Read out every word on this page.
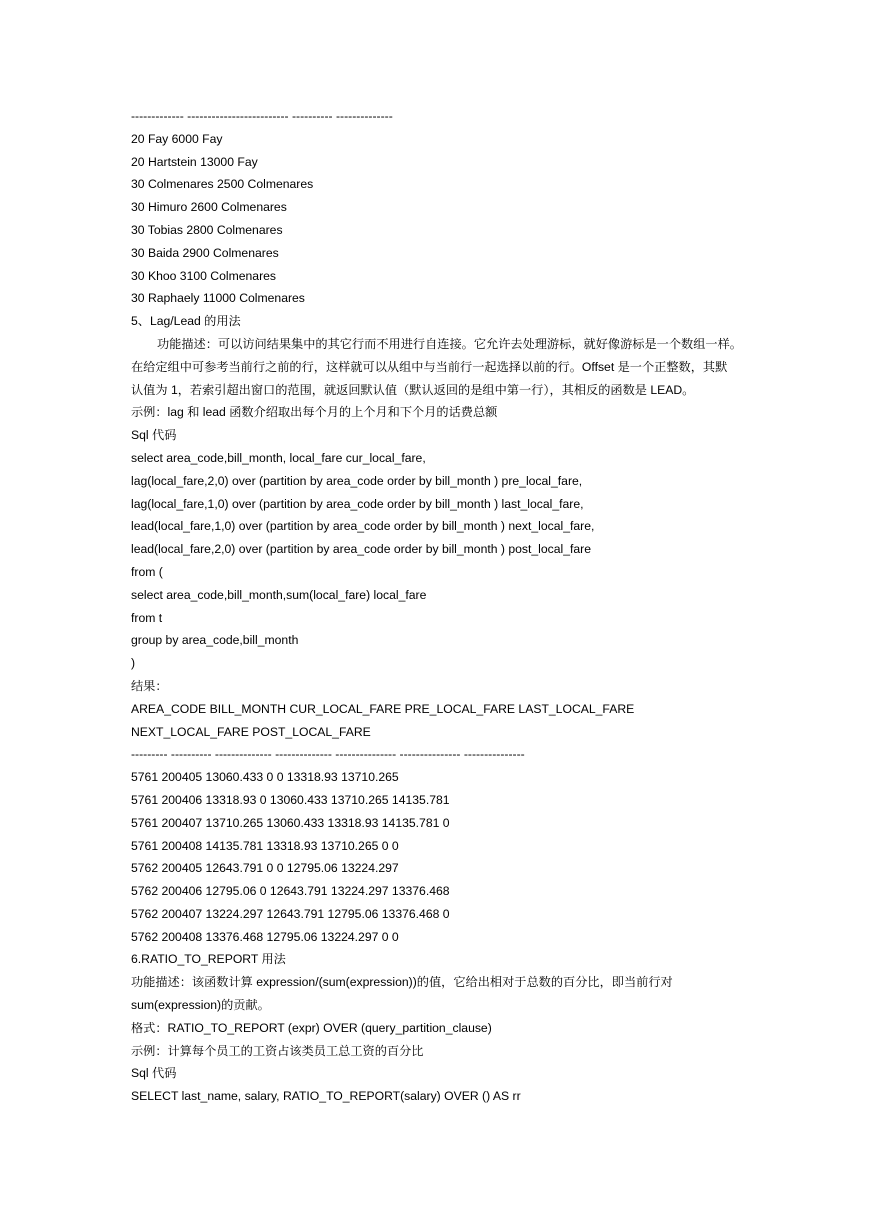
------------- ------------------------- ---------- --------------
20 Fay 6000 Fay
20 Hartstein 13000 Fay
30 Colmenares 2500 Colmenares
30 Himuro 2600 Colmenares
30 Tobias 2800 Colmenares
30 Baida 2900 Colmenares
30 Khoo 3100 Colmenares
30 Raphaely 11000 Colmenares
5、Lag/Lead 的用法
功能描述：可以访问结果集中的其它行而不用进行自连接。它允许去处理游标，就好像游标是一个数组一样。
在给定组中可参考当前行之前的行，这样就可以从组中与当前行一起选择以前的行。Offset 是一个正整数，其默
认值为 1，若索引超出窗口的范围，就返回默认值（默认返回的是组中第一行），其相反的函数是 LEAD。
示例：lag 和 lead 函数介绍取出每个月的上个月和下个月的话费总额
Sql 代码
select area_code,bill_month, local_fare cur_local_fare,
lag(local_fare,2,0) over (partition by area_code order by bill_month ) pre_local_fare,
lag(local_fare,1,0) over (partition by area_code order by bill_month ) last_local_fare,
lead(local_fare,1,0) over (partition by area_code order by bill_month ) next_local_fare,
lead(local_fare,2,0) over (partition by area_code order by bill_month ) post_local_fare
from (
select area_code,bill_month,sum(local_fare) local_fare
from t
group by area_code,bill_month
)
结果：
AREA_CODE BILL_MONTH CUR_LOCAL_FARE PRE_LOCAL_FARE LAST_LOCAL_FARE
NEXT_LOCAL_FARE POST_LOCAL_FARE
--------- ---------- -------------- -------------- --------------- --------------- ---------------
5761 200405 13060.433 0 0 13318.93 13710.265
5761 200406 13318.93 0 13060.433 13710.265 14135.781
5761 200407 13710.265 13060.433 13318.93 14135.781 0
5761 200408 14135.781 13318.93 13710.265 0 0
5762 200405 12643.791 0 0 12795.06 13224.297
5762 200406 12795.06 0 12643.791 13224.297 13376.468
5762 200407 13224.297 12643.791 12795.06 13376.468 0
5762 200408 13376.468 12795.06 13224.297 0 0
6.RATIO_TO_REPORT 用法
功能描述：该函数计算 expression/(sum(expression))的值，它给出相对于总数的百分比，即当前行对
sum(expression)的贡献。
格式：RATIO_TO_REPORT (expr) OVER (query_partition_clause)
示例：计算每个员工的工资占该类员工总工资的百分比
Sql 代码
SELECT last_name, salary, RATIO_TO_REPORT(salary) OVER () AS rr
